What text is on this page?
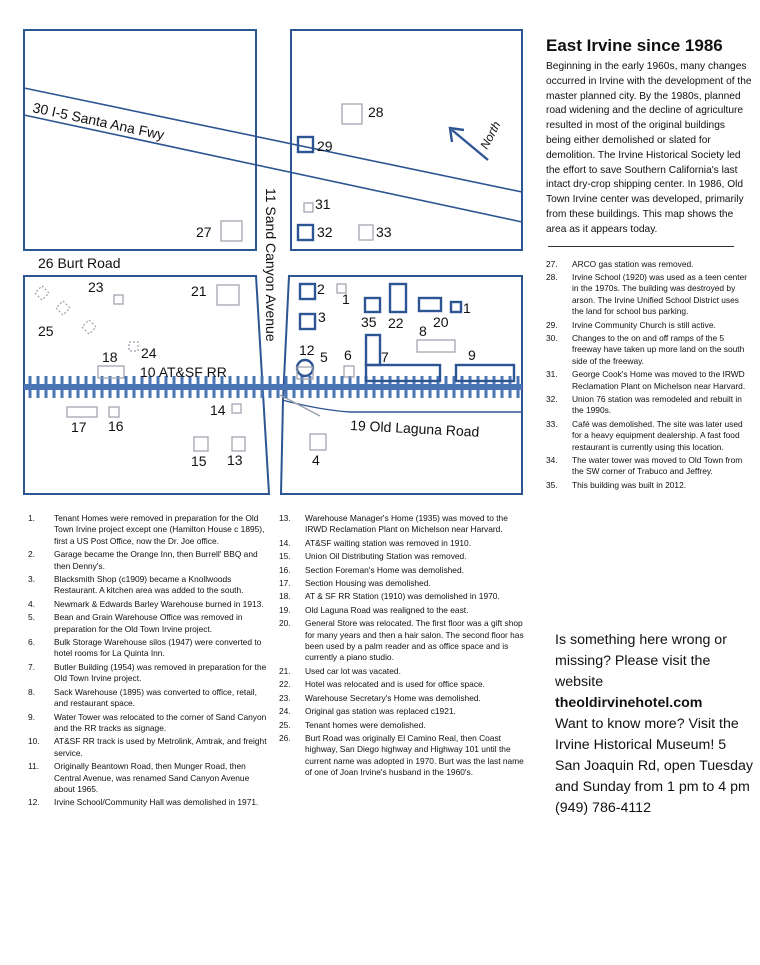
North
30 I-5 Santa Ana Fwy
26 Burt Road	11 Sand Canyon Avenue
10 AT&SF RR
19 Old Laguna Road
28
29
31
27	32	33
23	21	2
1
1
25
3	35 22 20
8
24
18	12 5 6 7	9
14
17 16
15 13	4
East Irvine since 1986

Beginning in the early 1960s, many changes occurred in Irvine with the development of the master planned city. By the 1980s, planned road widening and the decline of agriculture resulted in most of the original buildings being either demolished or slated for demolition. The Irvine Historical Society led the effort to save Southern California's last intact dry-crop shipping center. In 1986, Old Town Irvine center was developed, primarily from these buildings. This map shows the area as it appears today.

27. ARCO gas station was removed.
28. Irvine School (1920) was used as a teen center in the 1970s. The building was destroyed by arson. The Irvine Unified School District uses the land for school bus parking.
29. Irvine Community Church is still active.
30. Changes to the on and off ramps of the 5 freeway have taken up more land on the south side of the freeway.
31. George Cook's Home was moved to the IRWD Reclamation Plant on Michelson near Harvard.
32. Union 76 station was remodeled and rebuilt in the 1990s.
33. Café was demolished. The site was later used for a heavy equipment dealership. A fast food restaurant is currently using this location.
34. The water tower was moved to Old Town from the SW corner of Trabuco and Jeffrey.
35. This building was built in 2012.
1. Tenant Homes were removed in preparation for the Old Town Irvine project except one (Hamilton House c 1895), first a US Post Office, now the Dr. Joe office.
2. Garage became the Orange Inn, then Burrell' BBQ and then Denny's.
3. Blacksmith Shop (c1909) became a Knollwoods Restaurant. A kitchen area was added to the south.
4. Newmark & Edwards Barley Warehouse burned in 1913.
5. Bean and Grain Warehouse Office was removed in preparation for the Old Town Irvine project.
6. Bulk Storage Warehouse silos (1947) were converted to hotel rooms for La Quinta Inn.
7. Butler Building (1954) was removed in preparation for the Old Town Irvine project.
8. Sack Warehouse (1895) was converted to office, retail, and restaurant space.
9. Water Tower was relocated to the corner of Sand Canyon and the RR tracks as signage.
10. AT&SF RR track is used by Metrolink, Amtrak, and freight service.
11. Originally Beantown Road, then Munger Road, then Central Avenue, was renamed Sand Canyon Avenue about 1965.
12. Irvine School/Community Hall was demolished in 1971.
13. Warehouse Manager's Home (1935) was moved to the IRWD Reclamation Plant on Michelson near Harvard.
14. AT&SF waiting station was removed in 1910.
15. Union Oil Distributing Station was removed.
16. Section Foreman's Home was demolished.
17. Section Housing was demolished.
18. AT & SF RR Station (1910) was demolished in 1970.
19. Old Laguna Road was realigned to the east.
20. General Store was relocated. The first floor was a gift shop for many years and then a hair salon. The second floor has been used by a palm reader and as office space and is currently a piano studio.
21. Used car lot was vacated.
22. Hotel was relocated and is used for office space.
23. Warehouse Secretary's Home was demolished.
24. Original gas station was replaced c1921.
25. Tenant homes were demolished.
26. Burt Road was originally El Camino Real, then Coast highway, San Diego highway and Highway 101 until the current name was adopted in 1970. Burt was the last name of one of Joan Irvine's husband in the 1960's.
Is something here wrong or missing? Please visit the website
theoldirvinehotel.com
Want to know more? Visit the Irvine Historical Museum! 5 San Joaquin Rd, open Tuesday and Sunday from 1 pm to 4 pm (949) 786-4112
